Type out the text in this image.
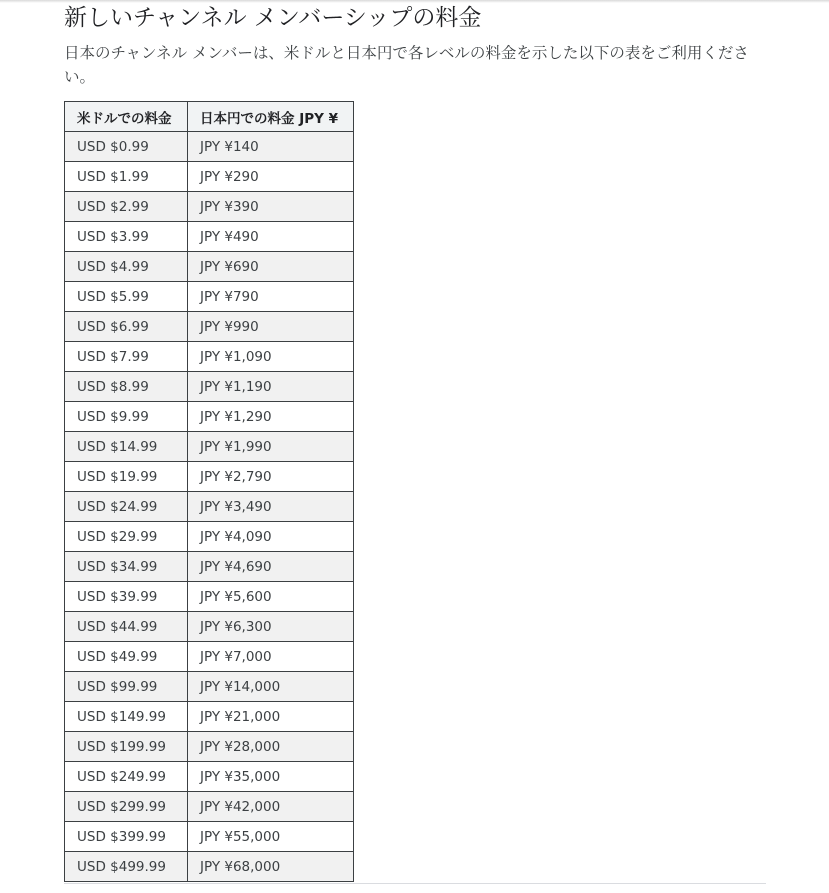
新しいチャンネル メンバーシップの料金

日本のチャンネル メンバーは、米ドルと日本円で各レベルの料金を示した以下の表をご利用ください。

米ドルでの料金	日本円での料金 JPY ¥
USD $0.99	JPY ¥140
USD $1.99	JPY ¥290
USD $2.99	JPY ¥390
USD $3.99	JPY ¥490
USD $4.99	JPY ¥690
USD $5.99	JPY ¥790
USD $6.99	JPY ¥990
USD $7.99	JPY ¥1,090
USD $8.99	JPY ¥1,190
USD $9.99	JPY ¥1,290
USD $14.99	JPY ¥1,990
USD $19.99	JPY ¥2,790
USD $24.99	JPY ¥3,490
USD $29.99	JPY ¥4,090
USD $34.99	JPY ¥4,690
USD $39.99	JPY ¥5,600
USD $44.99	JPY ¥6,300
USD $49.99	JPY ¥7,000
USD $99.99	JPY ¥14,000
USD $149.99	JPY ¥21,000
USD $199.99	JPY ¥28,000
USD $249.99	JPY ¥35,000
USD $299.99	JPY ¥42,000
USD $399.99	JPY ¥55,000
USD $499.99	JPY ¥68,000
